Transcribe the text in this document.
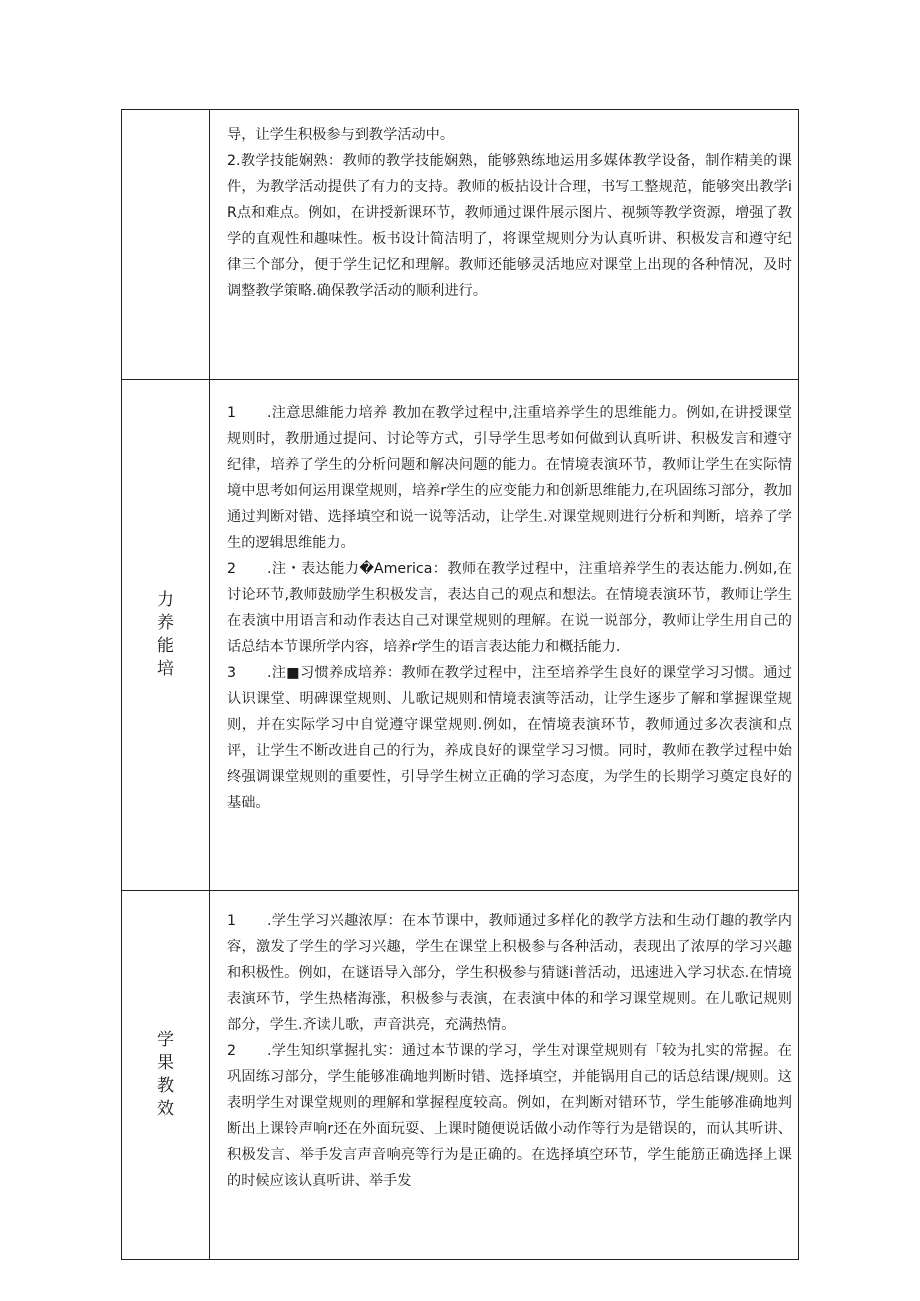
	导，让学生积极参与到教学活动中。

2.教学技能娴熟：教师的教学技能娴熟，能够熟练地运用多媒体教学设备，制作精美的课件，为教学活动提供了有力的支持。教师的板拈设计合理，书写工整规范，能够突出教学iR点和难点。例如，在讲授新课环节，教师通过课件展示图片、视频等教学资源，增强了教学的直观性和趣味性。板书设计简洁明了，将课堂规则分为认真听讲、积极发言和遵守纪律三个部分，便于学生记忆和理解。教师还能够灵活地应对课堂上出现的各种情况，及时调整教学策略.确保教学活动的顺利进行。

力养能培	1 .注意思維能力培养 教加在教学过程中,注重培养学生的思维能力。例如,在讲授课堂规则时，教册通过提问、讨论等方式，引导学生思考如何做到认真听讲、积极发言和遵守纪律，培养了学生的分析问题和解决问题的能力。在情境表演环节，教师让学生在实际情境中思考如何运用课堂规则，培养r学生的应变能力和创新思维能力,在巩固练习部分，教加通过判断对错、选择填空和说一说等活动，让学生.对课堂规则进行分析和判断，培养了学生的逻辑思维能力。

2 .注・表达能力�America：教师在教学过程中，注重培养学生的表达能力.例如,在讨论环节,教师鼓励学生积极发言，表达自己的观点和想法。在情境表演环节，教师让学生在表演中用语言和动作表达自己对课堂规则的理解。在说一说部分，教师让学生用自己的话总结本节课所学内容，培养r学生的语言表达能力和概括能力.

3 .注■习惯养成培养：教师在教学过程中，注至培养学生良好的课堂学习习惯。通过认识课堂、明碑课堂规则、儿歌记规则和情境表演等活动，让学生逐步了解和掌握课堂规则，并在实际学习中自觉遵守课堂规则.例如，在情境表演环节，教师通过多次表演和点评，让学生不断改进自己的行为，养成良好的课堂学习习惯。同时，教师在教学过程中始终强调课堂规则的重要性，引导学生树立正确的学习态度，为学生的长期学习奠定良好的基础。

学果教效	1 .学生学习兴趣浓厚：在本节课中，教师通过多样化的教学方法和生动仃趣的教学内容，激发了学生的学习兴趣，学生在课堂上积极参与各种活动，表现出了浓厚的学习兴趣和积极性。例如，在谜语导入部分，学生积极参与猜谜i普活动，迅速进入学习状态.在情境表演环节，学生热楮海涨，积极参与表演，在表演中体的和学习课堂规则。在儿歌记规则部分，学生.齐读儿歌，声音洪亮，充满热情。

2 .学生知织掌握扎实：通过本节课的学习，学生对课堂规则有「较为扎实的常握。在巩固练习部分，学生能够准确地判断时错、选择填空，并能锅用自己的话总结课/规则。这表明学生对课堂规则的理解和掌握程度较高。例如，在判断对错环节，学生能够准确地判断出上课铃声响r还在外面玩耍、上课时随便说话做小动作等行为是错误的，而认其听讲、积极发言、举手发言声音响亮等行为是正确的。在选择填空环节，学生能筋正确选择上课的时候应该认真听讲、举手发
